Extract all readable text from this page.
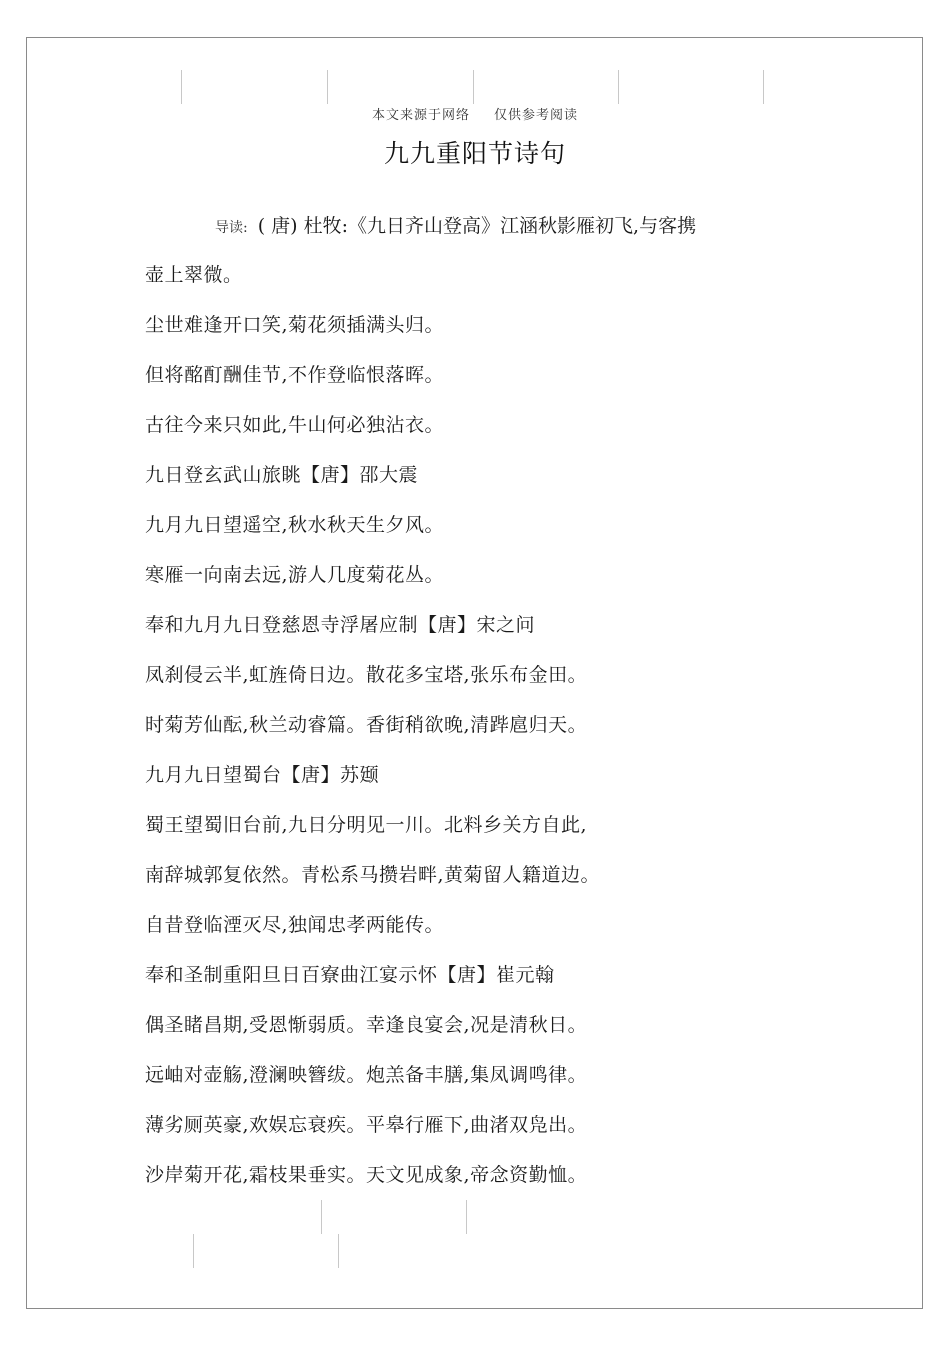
本文来源于网络 仅供参考阅读
九九重阳节诗句
导读: ( 唐) 杜牧:《九日齐山登高》江涵秋影雁初飞,与客携
壶上翠微。
尘世难逢开口笑,菊花须插满头归。
但将酩酊酬佳节,不作登临恨落晖。
古往今来只如此,牛山何必独沾衣。
九日登玄武山旅眺【唐】邵大震
九月九日望遥空,秋水秋天生夕风。
寒雁一向南去远,游人几度菊花丛。
奉和九月九日登慈恩寺浮屠应制【唐】宋之问
凤刹侵云半,虹旌倚日边。散花多宝塔,张乐布金田。
时菊芳仙酝,秋兰动睿篇。香街稍欲晚,清跸扈归天。
九月九日望蜀台【唐】苏颋
蜀王望蜀旧台前,九日分明见一川。北料乡关方自此,
南辞城郭复依然。青松系马攒岩畔,黄菊留人籍道边。
自昔登临湮灭尽,独闻忠孝两能传。
奉和圣制重阳旦日百寮曲江宴示怀【唐】崔元翰
偶圣睹昌期,受恩惭弱质。幸逢良宴会,况是清秋日。
远岫对壶觞,澄澜映簪绂。炮羔备丰膳,集凤调鸣律。
薄劣厕英豪,欢娱忘衰疾。平皋行雁下,曲渚双凫出。
沙岸菊开花,霜枝果垂实。天文见成象,帝念资勤恤。
